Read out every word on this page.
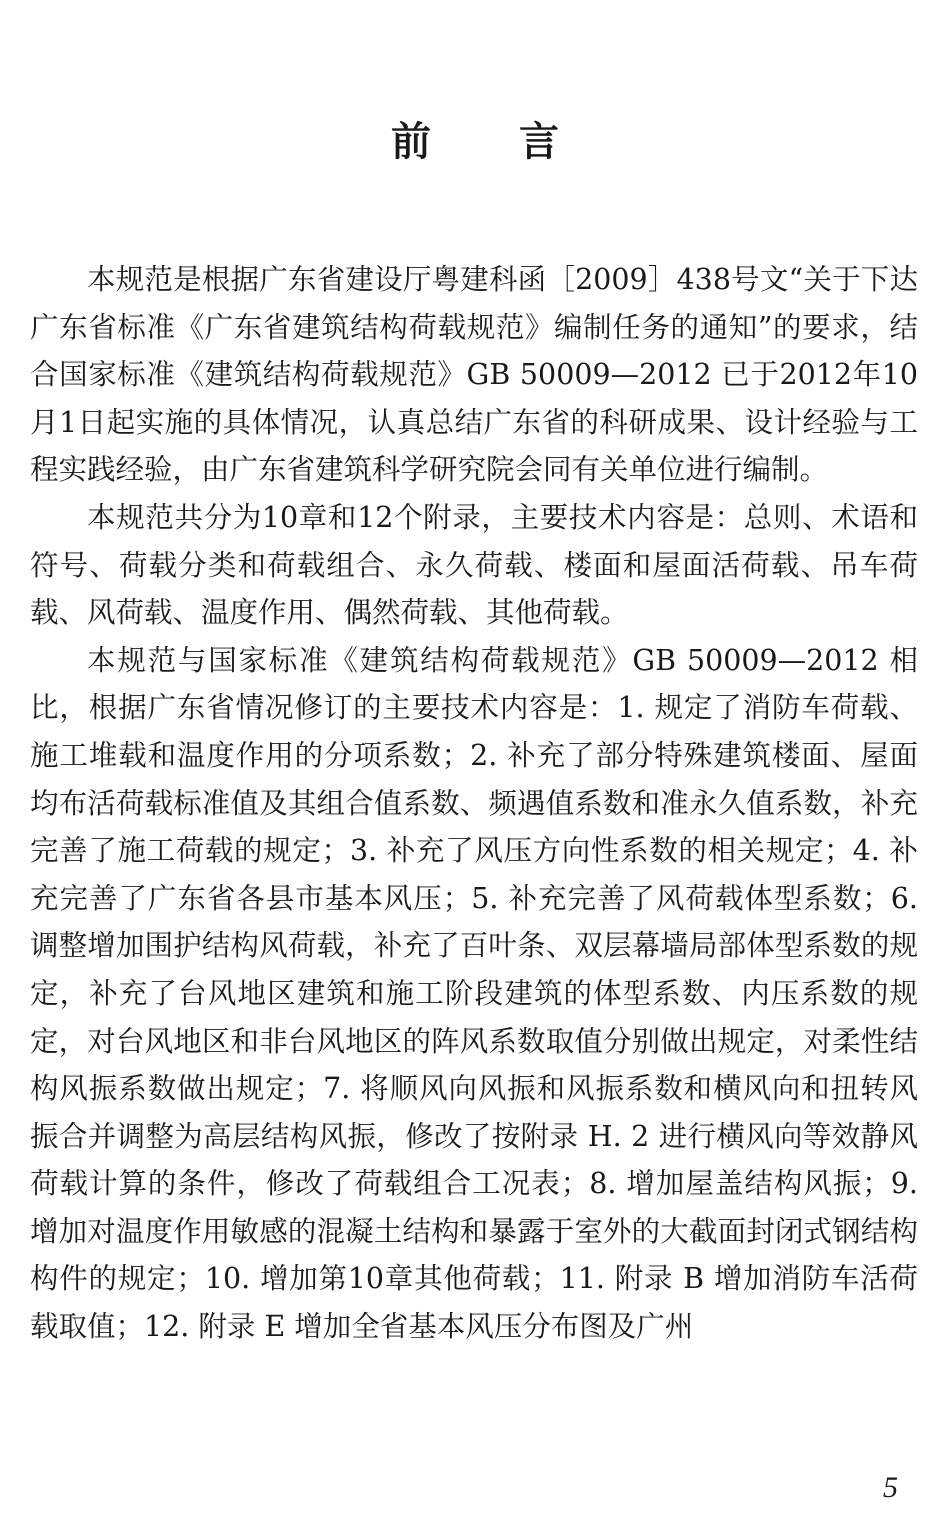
前言

本规范是根据广东省建设厅粤建科函［2009］438号文“关于下达广东省标准《广东省建筑结构荷载规范》编制任务的通知”的要求，结合国家标准《建筑结构荷载规范》GB 50009—2012 已于2012年10月1日起实施的具体情况，认真总结广东省的科研成果、设计经验与工程实践经验，由广东省建筑科学研究院会同有关单位进行编制。

本规范共分为10章和12个附录，主要技术内容是：总则、术语和符号、荷载分类和荷载组合、永久荷载、楼面和屋面活荷载、吊车荷载、风荷载、温度作用、偶然荷载、其他荷载。

本规范与国家标准《建筑结构荷载规范》GB 50009—2012 相比，根据广东省情况修订的主要技术内容是：1. 规定了消防车荷载、施工堆载和温度作用的分项系数；2. 补充了部分特殊建筑楼面、屋面均布活荷载标准值及其组合值系数、频遇值系数和准永久值系数，补充完善了施工荷载的规定；3. 补充了风压方向性系数的相关规定；4. 补充完善了广东省各县市基本风压；5. 补充完善了风荷载体型系数；6. 调整增加围护结构风荷载，补充了百叶条、双层幕墙局部体型系数的规定，补充了台风地区建筑和施工阶段建筑的体型系数、内压系数的规定，对台风地区和非台风地区的阵风系数取值分别做出规定，对柔性结构风振系数做出规定；7. 将顺风向风振和风振系数和横风向和扭转风振合并调整为高层结构风振，修改了按附录 H. 2 进行横风向等效静风荷载计算的条件，修改了荷载组合工况表；8. 增加屋盖结构风振；9. 增加对温度作用敏感的混凝土结构和暴露于室外的大截面封闭式钢结构构件的规定；10. 增加第10章其他荷载；11. 附录 B 增加消防车活荷载取值；12. 附录 E 增加全省基本风压分布图及广州

5
